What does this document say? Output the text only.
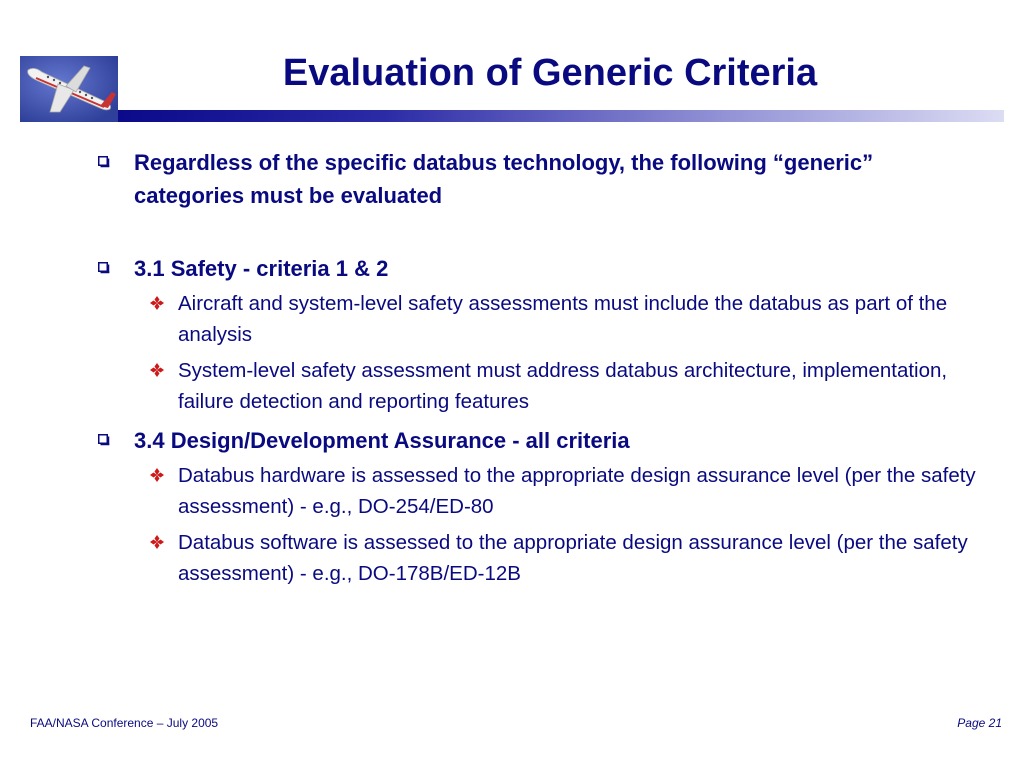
Evaluation of Generic Criteria
Regardless of the specific databus technology, the following “generic” categories must be evaluated
3.1 Safety - criteria 1 & 2
Aircraft and system-level safety assessments must include the databus as part of the analysis
System-level safety assessment must address databus architecture, implementation, failure detection and reporting features
3.4 Design/Development Assurance - all criteria
Databus hardware is assessed to the appropriate design assurance level (per the safety assessment) - e.g., DO-254/ED-80
Databus software is assessed to the appropriate design assurance level (per the safety assessment) - e.g., DO-178B/ED-12B
FAA/NASA Conference – July 2005	Page 21
